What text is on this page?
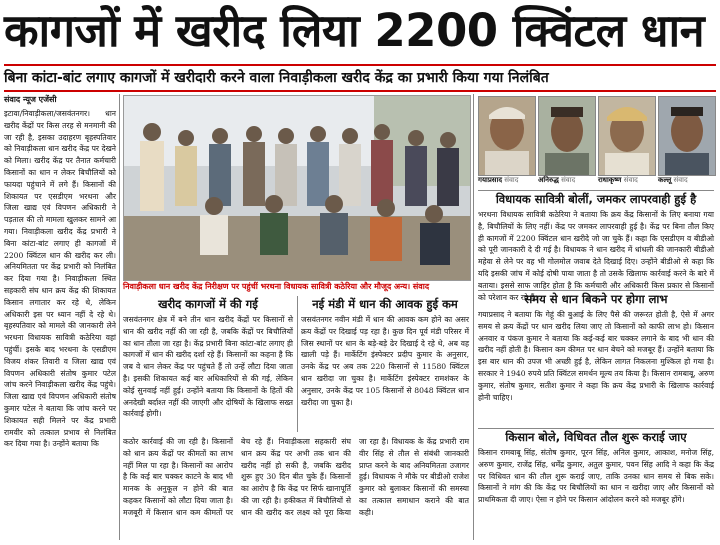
कागजों में खरीद लिया 2200 क्विंटल धान
बिना कांटा-बांट लगाए कागजों में खरीदारी करने वाला निवाड़ीकला खरीद केंद्र का प्रभारी किया गया निलंबित

संवाद न्यूज एजेंसी

इटावा/निवाड़ीकला/जसवंतनगर। धान खरीद केंद्रों पर किस तरह से मनमानी की जा रही है, इसका उदाहरण बृहस्पतिवार को निवाड़ीकला धान खरीद केंद्र पर देखने को मिला। खरीद केंद्र पर तैनात कर्मचारी किसानों का धान न लेकर बिचौलियों को फायदा पहुंचाने में लगे हैं। किसानों की शिकायत पर एसडीएम भरथना और जिला खाद्य एवं विपणन अधिकारी ने पड़ताल की तो मामला खुलकर सामने आ गया। निवाड़ीकला खरीद केंद्र प्रभारी ने बिना कांटा-बांट लगाए ही कागजों में 2200 क्विंटल धान की खरीद कर ली। अनियमितता पर केंद्र प्रभारी को निलंबित कर दिया गया है। निवाड़ीकला स्थित सहकारी संघ धान क्रय केंद्र की शिकायत किसान लगातार कर रहे थे, लेकिन अधिकारी इस पर ध्यान नहीं दे रहे थे। बृहस्पतिवार को मामले की जानकारी लेने भरथना विधायक सावित्री कठेरिया वहां पहुंचीं। इसके बाद भरथना के एसडीएम विजय शंकर तिवारी व जिला खाद्य एवं विपणन अधिकारी संतोष कुमार पटेल जांच करने निवाड़ीकला खरीद केंद्र पहुंचे। जिला खाद्य एवं विपणन अधिकारी संतोष कुमार पटेल ने बताया कि जांच करने पर शिकायत सही मिलने पर केंद्र प्रभारी रामवीर को तत्काल प्रभाव से निलंबित कर दिया गया है। उन्होंने बताया कि

निवाड़ीकला धान खरीद केंद्र निरीक्षण पर पहुंचीं भरथना विधायक सावित्री कठेरिया और मौजूद अन्य। संवाद
खरीद कागजों में की गई

जसवंतनगर क्षेत्र में बने तीन धान खरीद केंद्रों पर किसानों से धान की खरीद नहीं की जा रही है, जबकि केंद्रों पर बिचौलियों का धान तौला जा रहा है। केंद्र प्रभारी बिना कांटा-बांट लगाए ही कागजों में धान की खरीद दर्शा रहे हैं। किसानों का कहना है कि जब वे धान लेकर केंद्र पर पहुंचते हैं तो उन्हें लौटा दिया जाता है। इसकी शिकायत कई बार अधिकारियों से की गई, लेकिन कोई सुनवाई नहीं हुई। उन्होंने बताया कि किसानों के हितों की अनदेखी बर्दाश्त नहीं की जाएगी और दोषियों के खिलाफ सख्त कार्रवाई होगी।

नई मंडी में धान की आवक हुई कम

जसवंतनगर नवीन मंडी में धान की आवक कम होने का असर क्रय केंद्रों पर दिखाई पड़ रहा है। कुछ दिन पूर्व मंडी परिसर में जिस स्थानों पर धान के बड़े-बड़े ढेर दिखाई दे रहे थे, अब वह खाली पड़े हैं। मार्केटिंग इंस्पेक्टर प्रदीप कुमार के अनुसार, उनके केंद्र पर अब तक 220 किसानों से 11580 क्विंटल धान खरीदा जा चुका है। मार्केटिंग इंस्पेक्टर रामशंकर के अनुसार, उनके केंद्र पर 105 किसानों से 8048 क्विंटल धान खरीदा जा चुका है।

कठोर कार्रवाई की जा रही है। किसानों को धान क्रय केंद्रों पर कीमतों का लाभ नहीं मिल पा रहा है। किसानों का आरोप है कि कई बार चक्कर काटने के बाद भी मानक के अनुकूल न होने की बात कहकर किसानों को लौटा दिया जाता है। मजबूरी में किसान धान कम कीमतों पर बेच रहे हैं। निवाड़ीकला सहकारी संघ धान क्रय केंद्र पर अभी तक धान की खरीद नहीं हो सकी है, जबकि खरीद शुरू हुए 30 दिन बीत चुके हैं। किसानों का आरोप है कि केंद्र पर सिर्फ खानापूर्ति की जा रही है। हकीकत में बिचौलियों से धान की खरीद कर लक्ष्य को पूरा किया जा रहा है। विधायक के केंद्र प्रभारी राम वीर सिंह से तौल से संबंधी जानकारी प्राप्त करने के बाद अनियमितता उजागर हुई। विधायक ने मौके पर बीडीओ राजेश कुमार को बुलाकर किसानों की समस्या का तत्काल समाधान कराने की बात कही।

गयाप्रसाद संवाद	अनिरुद्ध संवाद	राधाकृष्ण संवाद	कल्लू संवाद
विधायक सावित्री बोलीं, जमकर लापरवाही हुई है

भरथना विधायक सावित्री कठेरिया ने बताया कि क्रय केंद्र किसानों के लिए बनाया गया है, बिचौलियों के लिए नहीं। केंद्र पर जमकर लापरवाही हुई है। केंद्र पर बिना तौल किए ही कागजों में 2200 क्विंटल धान खरीदे जो जा चुके हैं। कहा कि एसडीएम व बीडीओ को पूरी जानकारी दे दी गई है। विधायक ने धान खरीद में धांधली की जानकारी बीडीओ महेवा से लेने पर वह भी गोलमोल जवाब देते दिखाई दिए। उन्होंने बीडीओ से कहा कि यदि इसकी जांच में कोई दोषी पाया जाता है तो उसके खिलाफ कार्रवाई करने के बारे में बताया। इससे साफ जाहिर होता है कि कर्मचारी और अधिकारी किस प्रकार से किसानों को परेशान कर रहे हैं।

समय से धान बिकने पर होगा लाभ

गयाप्रसाद ने बताया कि गेहूं की बुआई के लिए पैसे की जरूरत होती है, ऐसे में अगर समय से क्रय केंद्रों पर धान खरीद लिया जाए तो किसानों को काफी लाभ हो। किसान अनवार व पंकज कुमार ने बताया कि कई-कई बार चक्कर लगाने के बाद भी धान की खरीद नहीं होती है। किसान कम कीमत पर धान बेचने को मजबूर हैं। उन्होंने बताया कि इस बार धान की उपज भी अच्छी हुई है, लेकिन लागत निकलना मुश्किल हो गया है। सरकार ने 1940 रुपये प्रति क्विंटल समर्थन मूल्य तय किया है। किसान रामबाबू, अरुण कुमार, संतोष कुमार, सतीश कुमार ने कहा कि क्रय केंद्र प्रभारी के खिलाफ कार्रवाई होनी चाहिए।

किसान बोले, विधिवत तौल शुरू कराई जाए

किसान रामबाबू सिंह, संतोष कुमार, पूरन सिंह, अनिल कुमार, आकाश, मनोज सिंह, अरुण कुमार, राजेंद्र सिंह, धर्मेंद्र कुमार, अतुल कुमार, पवन सिंह आदि ने कहा कि केंद्र पर विधिवत धान की तौल शुरू कराई जाए, ताकि उनका धान समय से बिक सके। किसानों ने मांग की कि केंद्र पर बिचौलियों का धान न खरीदा जाए और किसानों को प्राथमिकता दी जाए। ऐसा न होने पर किसान आंदोलन करने को मजबूर होंगे।
